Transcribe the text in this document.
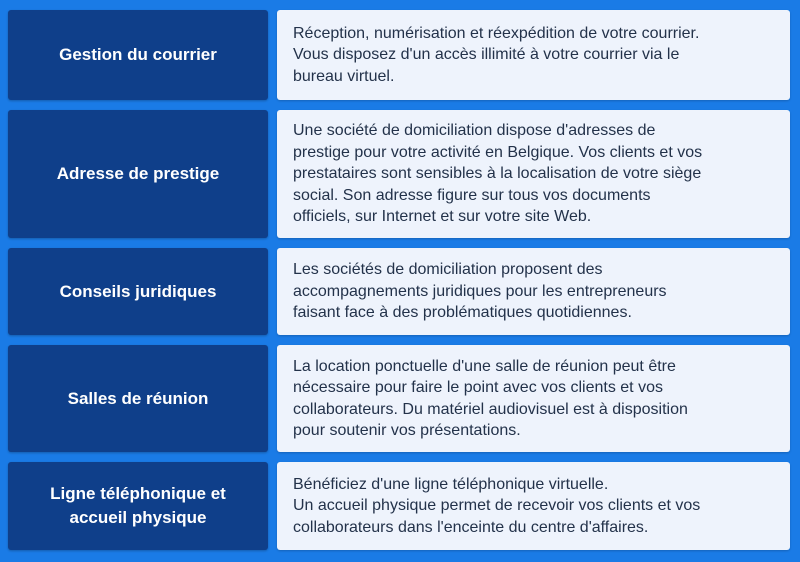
Gestion du courrier
Réception, numérisation et réexpédition de votre courrier.
Vous disposez d'un accès illimité à votre courrier via le
bureau virtuel.
Adresse de prestige
Une société de domiciliation dispose d'adresses de
prestige pour votre activité en Belgique. Vos clients et vos
prestataires sont sensibles à la localisation de votre siège
social. Son adresse figure sur tous vos documents
officiels, sur Internet et sur votre site Web.
Conseils juridiques
Les sociétés de domiciliation proposent des
accompagnements juridiques pour les entrepreneurs
faisant face à des problématiques quotidiennes.
Salles de réunion
La location ponctuelle d'une salle de réunion peut être
nécessaire pour faire le point avec vos clients et vos
collaborateurs. Du matériel audiovisuel est à disposition
pour soutenir vos présentations.
Ligne téléphonique et accueil physique
Bénéficiez d'une ligne téléphonique virtuelle.
Un accueil physique permet de recevoir vos clients et vos
collaborateurs dans l'enceinte du centre d'affaires.
